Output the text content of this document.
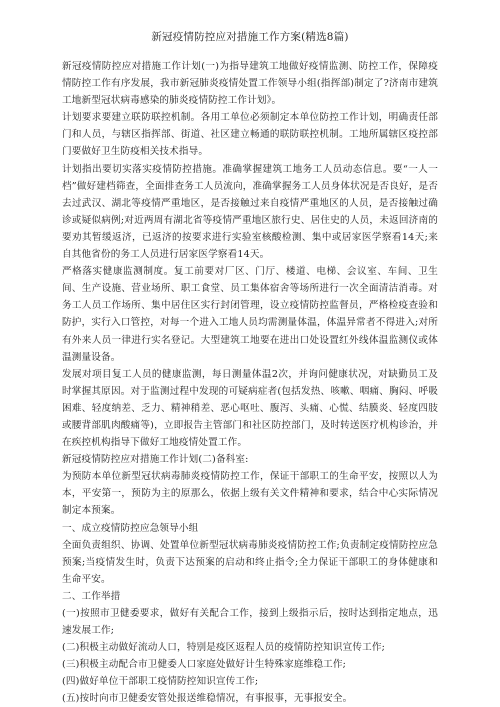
新冠疫情防控应对措施工作方案(精选8篇)

新冠疫情防控应对措施工作计划(一)为指导建筑工地做好疫情监测、防控工作，保障疫情防控工作有序发展，我市新冠肺炎疫情处置工作领导小组(指挥部)制定了?济南市建筑工地新型冠状病毒感染的肺炎疫情防控工作计划》。

计划要求要建立联防联控机制。各用工单位必须制定本单位防控工作计划，明确责任部门和人员，与辖区指挥部、街道、社区建立畅通的联防联控机制。工地所属辖区疫控部门要做好卫生防疫相关技术指导。

计划指出要切实落实疫情防控措施。准确掌握建筑工地务工人员动态信息。要“一人一档”做好建档筛查，全面排查务工人员流向，准确掌握务工人员身体状况是否良好，是否去过武汉、湖北等疫情严重地区，是否接触过来自疫情严重地区的人员，是否接触过确诊或疑似病例;对近两周有湖北省等疫情严重地区旅行史、居住史的人员，未返回济南的要劝其暂缓返济，已返济的按要求进行实验室核酸检测、集中或居家医学察看14天;来自其他省份的务工人员进行居家医学察看14天。

严格落实健康监测制度。复工前要对厂区、门厅、楼道、电梯、会议室、车间、卫生间、生产设施、营业场所、职工食堂、员工集体宿舍等场所进行一次全面清洁消毒。对务工人员工作场所、集中居住区实行封闭管理，设立疫情防控监督员，严格检疫查验和防护，实行入口管控，对每一个进入工地人员均需测量体温，体温异常者不得进入;对所有外来人员一律进行实名登记。大型建筑工地要在进出口处设置红外线体温监测仪或体温测量设备。

发展对项目复工人员的健康监测，每日测量体温2次，并询问健康状况，对缺勤员工及时掌握其原因。对于监测过程中发现的可疑病症者(包括发热、咳嗽、咽痛、胸闷、呼吸困难、轻度纳差、乏力、精神稍差、恶心呕吐、腹泻、头痛、心慌、结膜炎、轻度四肢或腰背部肌肉酸痛等)，立即报告主管部门和社区防控部门，及时转送医疗机构诊治，并在疾控机构指导下做好工地疫情处置工作。

新冠疫情防控应对措施工作计划(二)备科室:

为预防本单位新型冠状病毒肺炎疫情防控工作，保证干部职工的生命平安，按照以人为本，平安第一，预防为主的原那么，依据上级有关文件精神和要求，结合中心实际情况制定本预案。

一、成立疫情防控应急领导小组

全面负责组织、协调、处置单位新型冠状病毒肺炎疫情防控工作;负责制定疫情防控应急预案;当疫情发生时，负责下达预案的启动和终止指令;全力保证干部职工的身体健康和生命平安。

二、工作举措

(一)按照市卫健委要求，做好有关配合工作，接到上级指示后，按时达到指定地点，迅速发展工作;

(二)积极主动做好流动人口，特别是疫区返程人员的疫情防控知识宣传工作;

(三)积极主动配合市卫健委人口家庭处做好计生特殊家庭维稳工作;

(四)做好单位干部职工疫情防控知识宣传工作;

(五)按时向市卫健委安管处报送维稳情况，有事报事，无事报安全。
